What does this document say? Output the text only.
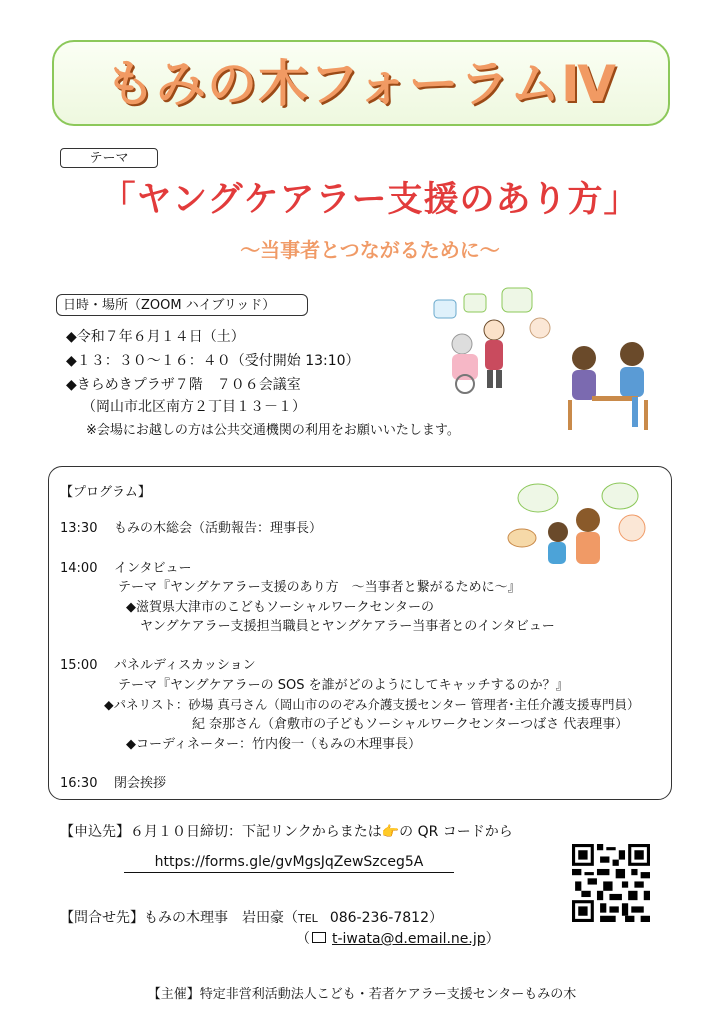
もみの木フォーラムⅣ
テーマ
「ヤングケアラー支援のあり方」
～当事者とつながるために～
日時・場所（ZOOM ハイブリッド）
◆令和７年６月１４日（土）
◆１３：３０～１６：４０（受付開始 13:10）
◆きらめきプラザ７階　７０６会議室
（岡山市北区南方２丁目１３－１）
※会場にお越しの方は公共交通機関の利用をお願いいたします。
【プログラム】
13:30 もみの木総会（活動報告：理事長）
14:00 インタビュー
テーマ『ヤングケアラー支援のあり方　～当事者と繋がるために～』
◆滋賀県大津市のこどもソーシャルワークセンターの
ヤングケアラー支援担当職員とヤングケアラー当事者とのインタビュー
15:00 パネルディスカッション
テーマ『ヤングケアラーの SOS を誰がどのようにしてキャッチするのか？』
◆パネリスト：砂場 真弓さん（岡山市ののぞみ介護支援センター 管理者･主任介護支援専門員）
紀 奈那さん（倉敷市の子どもソーシャルワークセンターつばさ 代表理事）
◆コーディネーター：竹内俊一（もみの木理事長）
16:30 閉会挨拶
【申込先】６月１０日締切：下記リンクからまたは👉の QR コードから
https://forms.gle/gvMgsJqZewSzceg5A
【問合せ先】もみの木理事　岩田豪（TEL 086-236-7812）
（ t-iwata@d.email.ne.jp）
【主催】特定非営利活動法人こども・若者ケアラー支援センターもみの木
